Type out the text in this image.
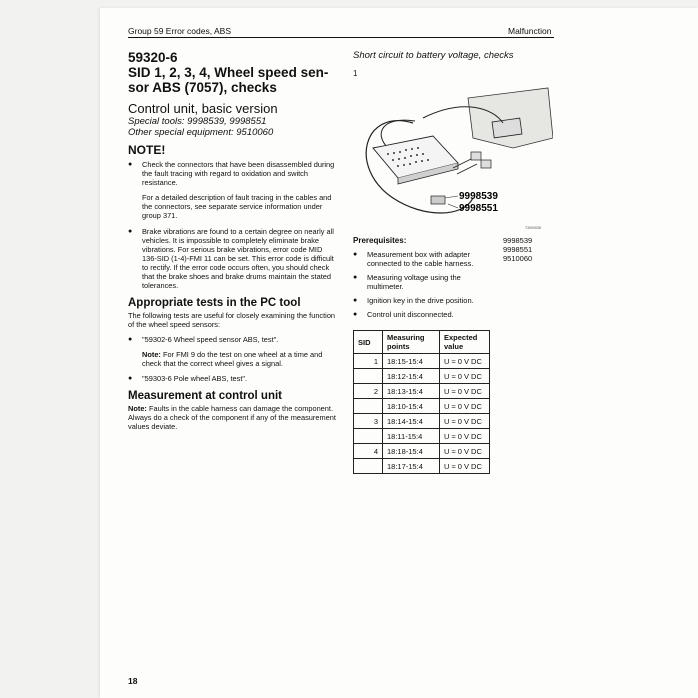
Group 59 Error codes, ABS	Malfunction
59320-6
SID 1, 2, 3, 4, Wheel speed sen-
sor ABS (7057), checks
Control unit, basic version
Special tools: 9998539, 9998551
Other special equipment: 9510060
NOTE!
●	Check the connectors that have been disassembled during the fault tracing with regard to oxidation and switch resistance.
For a detailed description of fault tracing in the cables and the connectors, see separate service information under group 371.
●	Brake vibrations are found to a certain degree on nearly all vehicles. It is impossible to completely eliminate brake vibrations. For serious brake vibrations, error code MID 136-SID (1-4)-FMI 11 can be set. This error code is difficult to rectify. If the error code occurs often, you should check that the brake shoes and brake drums maintain the stated tolerances.
Appropriate tests in the PC tool
The following tests are useful for closely examining the function of the wheel speed sensors:
●	"59302-6 Wheel speed sensor ABS, test".
Note: For FMI 9 do the test on one wheel at a time and check that the correct wheel gives a signal.
●	"59303-6 Pole wheel ABS, test".
Measurement at control unit
Note: Faults in the cable harness can damage the component. Always do a check of the component if any of the measurement values deviate.
Short circuit to battery voltage, checks
1
9998539
9998551
T3009038
Prerequisites:
●	Measurement box with adapter connected to the cable harness.
●	Measuring voltage using the multimeter.
●	Ignition key in the drive position.
●	Control unit disconnected.
9998539
9998551
9510060
SID	Measuring points	Expected value
1	18:15-15:4	U ≈ 0 V DC
	18:12-15:4	U ≈ 0 V DC
2	18:13-15:4	U ≈ 0 V DC
	18:10-15:4	U ≈ 0 V DC
3	18:14-15:4	U ≈ 0 V DC
	18:11-15:4	U ≈ 0 V DC
4	18:18-15:4	U ≈ 0 V DC
	18:17-15:4	U ≈ 0 V DC
18
